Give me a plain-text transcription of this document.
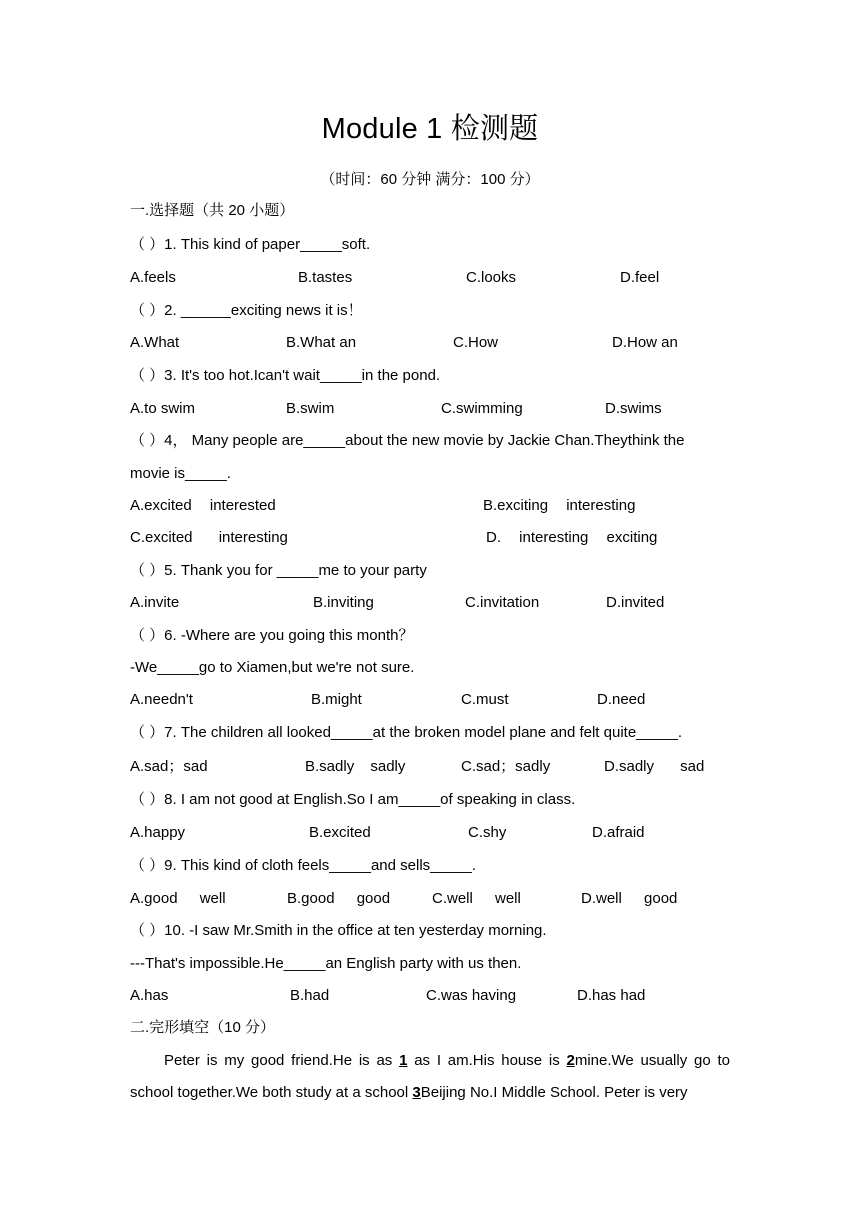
Module 1 检测题
（时间：60 分钟 满分：100 分）
一.选择题（共 20 小题）
（ ）1. This kind of paper_____soft.
A.feels	B.tastes	C.looks	D.feel
（ ）2. ______exciting news it is！
A.What	B.What an	C.How	D.How an
（ ）3. It's too hot.Ican't wait_____in the pond.
A.to swim	B.swim	C.swimming	D.swims
（ ）4， Many people are_____about the new movie by Jackie Chan.Theythink the
movie is_____.
A.excited interested	B.exciting interesting
C.excited interesting	D. interesting exciting
（ ）5. Thank you for _____me to your party
A.invite	B.inviting	C.invitation	D.invited
（ ）6. -Where are you going this month？
-We_____go to Xiamen,but we're not sure.
A.needn't	B.might	C.must	D.need
（ ）7. The children all looked_____at the broken model plane and felt quite_____.
A.sad；sad	B.sadly sadly	C.sad；sadly	D.sadly sad
（ ）8. I am not good at English.So I am_____of speaking in class.
A.happy	B.excited	C.shy	D.afraid
（ ）9. This kind of cloth feels_____and sells_____.
A.good well	B.good good	C.well well	D.well good
（ ）10. -I saw Mr.Smith in the office at ten yesterday morning.
---That's impossible.He_____an English party with us then.
A.has	B.had	C.was having	D.has had
二.完形填空（10 分）
Peter is my good friend.He is as 1 as I am.His house is 2mine.We usually go to school together.We both study at a school 3Beijing No.I Middle School. Peter is very
